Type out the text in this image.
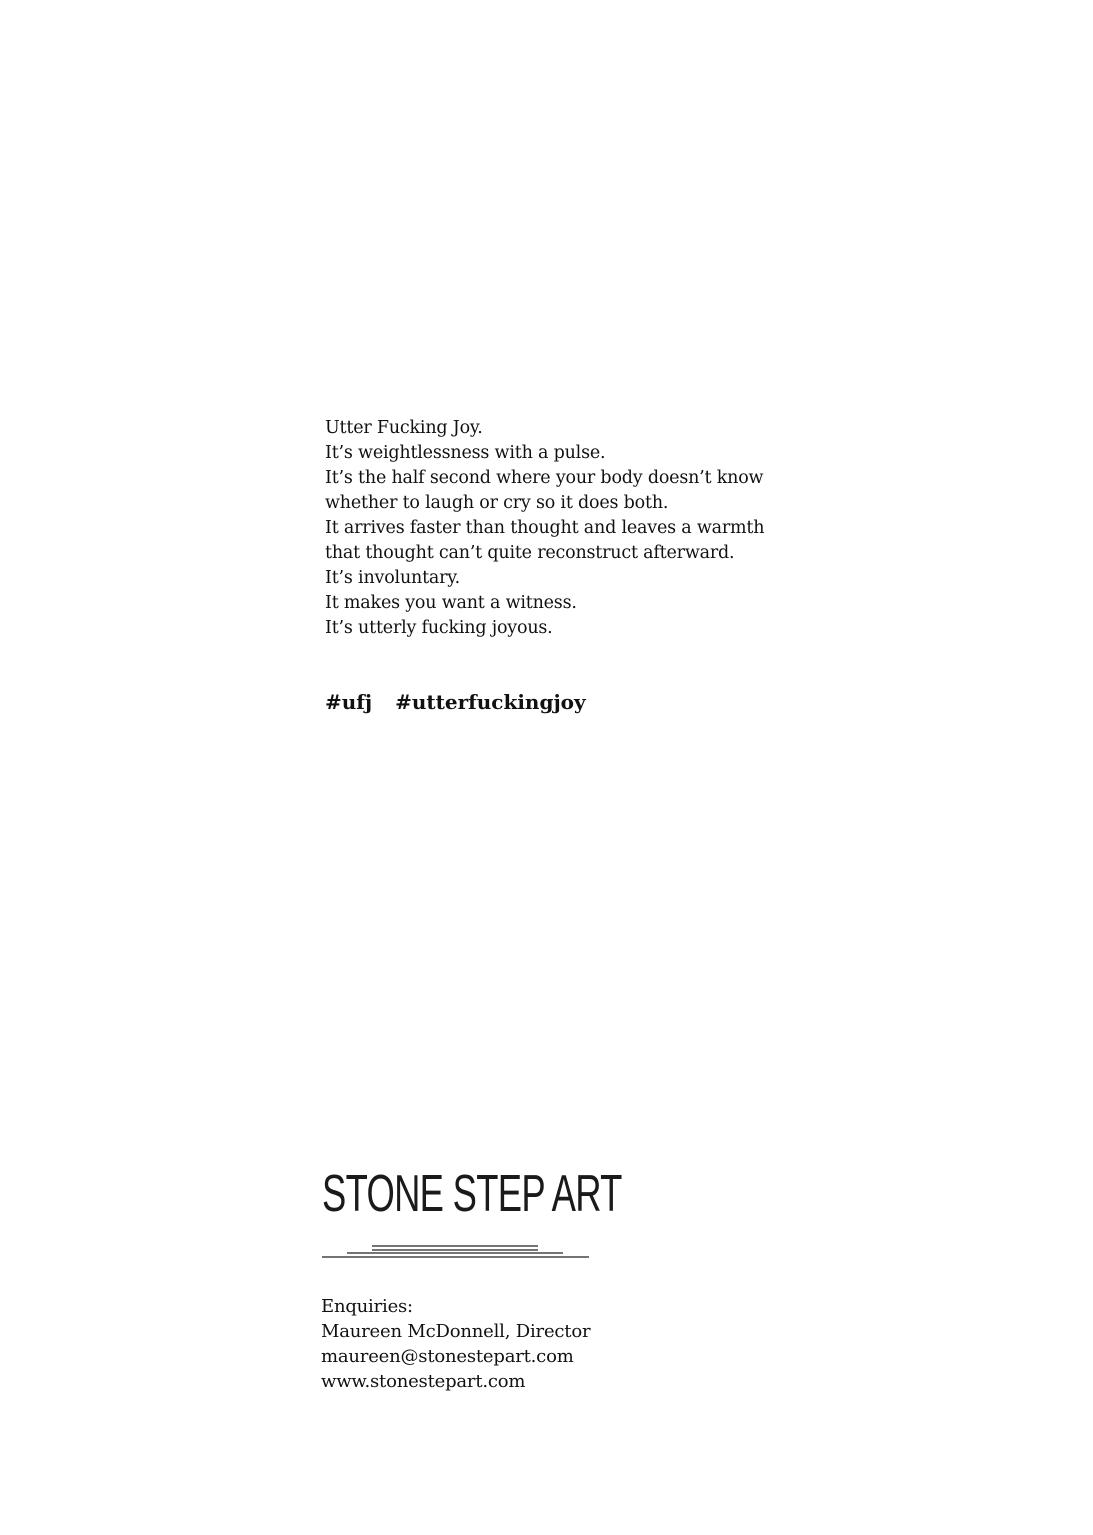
Utter Fucking Joy.
It’s weightlessness with a pulse.
It’s the half second where your body doesn’t know
whether to laugh or cry so it does both.
It arrives faster than thought and leaves a warmth
that thought can’t quite reconstruct afterward.
It’s involuntary.
It makes you want a witness.
It’s utterly fucking joyous.
#ufj #utterfuckingjoy
STONE STEP ART
Enquiries:
Maureen McDonnell, Director
maureen@stonestepart.com
www.stonestepart.com
